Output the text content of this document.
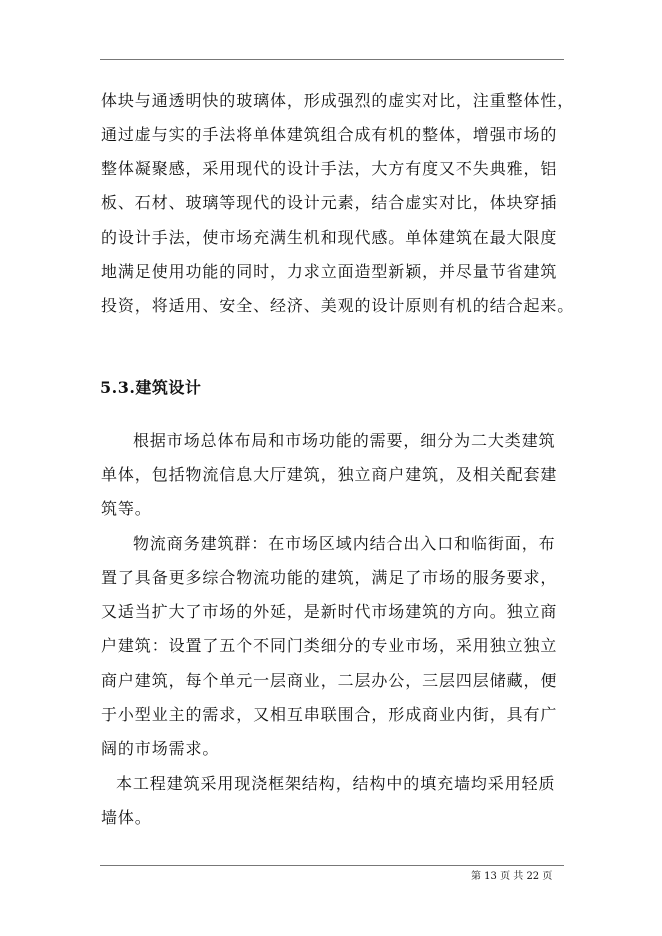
体块与通透明快的玻璃体，形成强烈的虚实对比，注重整体性，
通过虚与实的手法将单体建筑组合成有机的整体，增强市场的
整体凝聚感，采用现代的设计手法，大方有度又不失典雅，铝
板、石材、玻璃等现代的设计元素，结合虚实对比，体块穿插
的设计手法，使市场充满生机和现代感。单体建筑在最大限度
地满足使用功能的同时，力求立面造型新颖，并尽量节省建筑
投资，将适用、安全、经济、美观的设计原则有机的结合起来。
5.3.建筑设计
根据市场总体布局和市场功能的需要，细分为二大类建筑
单体，包括物流信息大厅建筑，独立商户建筑，及相关配套建
筑等。
物流商务建筑群：在市场区域内结合出入口和临街面，布
置了具备更多综合物流功能的建筑，满足了市场的服务要求，
又适当扩大了市场的外延，是新时代市场建筑的方向。独立商
户建筑：设置了五个不同门类细分的专业市场，采用独立独立
商户建筑，每个单元一层商业，二层办公，三层四层储藏，便
于小型业主的需求，又相互串联围合，形成商业内街，具有广
阔的市场需求。
本工程建筑采用现浇框架结构，结构中的填充墙均采用轻质
墙体。
第 13 页 共 22 页
